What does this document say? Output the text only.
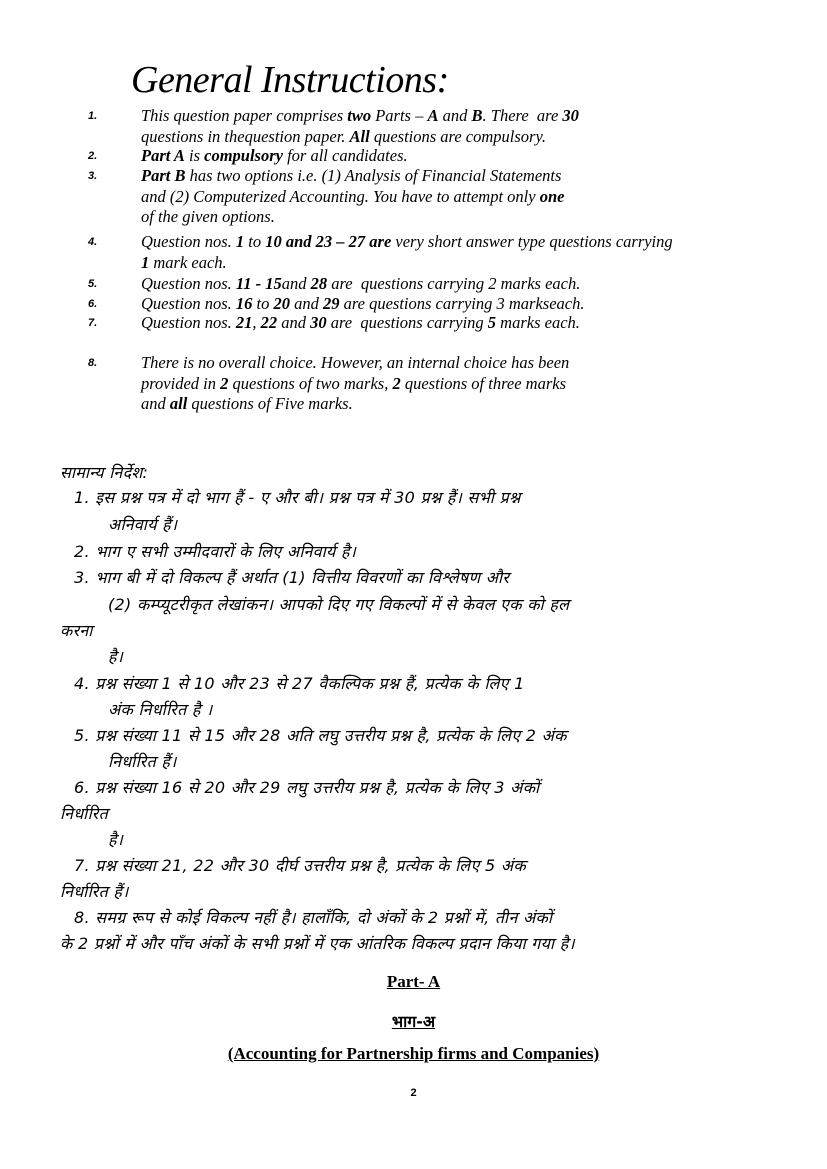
General Instructions:
1.	This question paper comprises two Parts – A and B. There  are 30
questions in thequestion paper. All questions are compulsory.
2.	Part A is compulsory for all candidates.
3.	Part B has two options i.e. (1) Analysis of Financial Statements
and (2) Computerized Accounting. You have to attempt only one
of the given options.
4.	Question nos. 1 to 10 and 23 – 27 are very short answer type questions carrying
1 mark each.
5.	Question nos. 11 - 15and 28 are  questions carrying 2 marks each.
6.	Question nos. 16 to 20 and 29 are questions carrying 3 markseach.
7.	Question nos. 21, 22 and 30 are  questions carrying 5 marks each.
8.	There is no overall choice. However, an internal choice has been
provided in 2 questions of two marks, 2 questions of three marks
and all questions of Five marks.
सामान्य निर्देश:
1. इस प्रश्न पत्र में दो भाग हैं - ए और बी। प्रश्न पत्र में 30 प्रश्न हैं। सभी प्रश्न
अनिवार्य हैं।
2. भाग ए सभी उम्मीदवारों के लिए अनिवार्य है।
3. भाग बी में दो विकल्प हैं अर्थात (1) वित्तीय विवरणों का विश्लेषण और
(2) कम्प्यूटरीकृत लेखांकन। आपको दिए गए विकल्पों में से केवल एक को हल
करना
है।
4. प्रश्न संख्या 1 से 10 और 23 से 27 वैकल्पिक प्रश्न हैं, प्रत्येक के लिए 1
अंक निर्धारित है ।
5. प्रश्न संख्या 11 से 15 और 28 अति लघु उत्तरीय प्रश्न है, प्रत्येक के लिए 2 अंक
निर्धारित हैं।
6. प्रश्न संख्या 16 से 20 और 29 लघु उत्तरीय प्रश्न है, प्रत्येक के लिए 3 अंकों
निर्धारित
है।
7. प्रश्न संख्या 21, 22 और 30 दीर्घ उत्तरीय प्रश्न है, प्रत्येक के लिए 5 अंक
निर्धारित हैं।
8. समग्र रूप से कोई विकल्प नहीं है। हालाँकि, दो अंकों के 2 प्रश्नों में, तीन अंकों
के 2 प्रश्नों में और पाँच अंकों के सभी प्रश्नों में एक आंतरिक विकल्प प्रदान किया गया है।
Part- A
भाग-अ
(Accounting for Partnership firms and Companies)
2
